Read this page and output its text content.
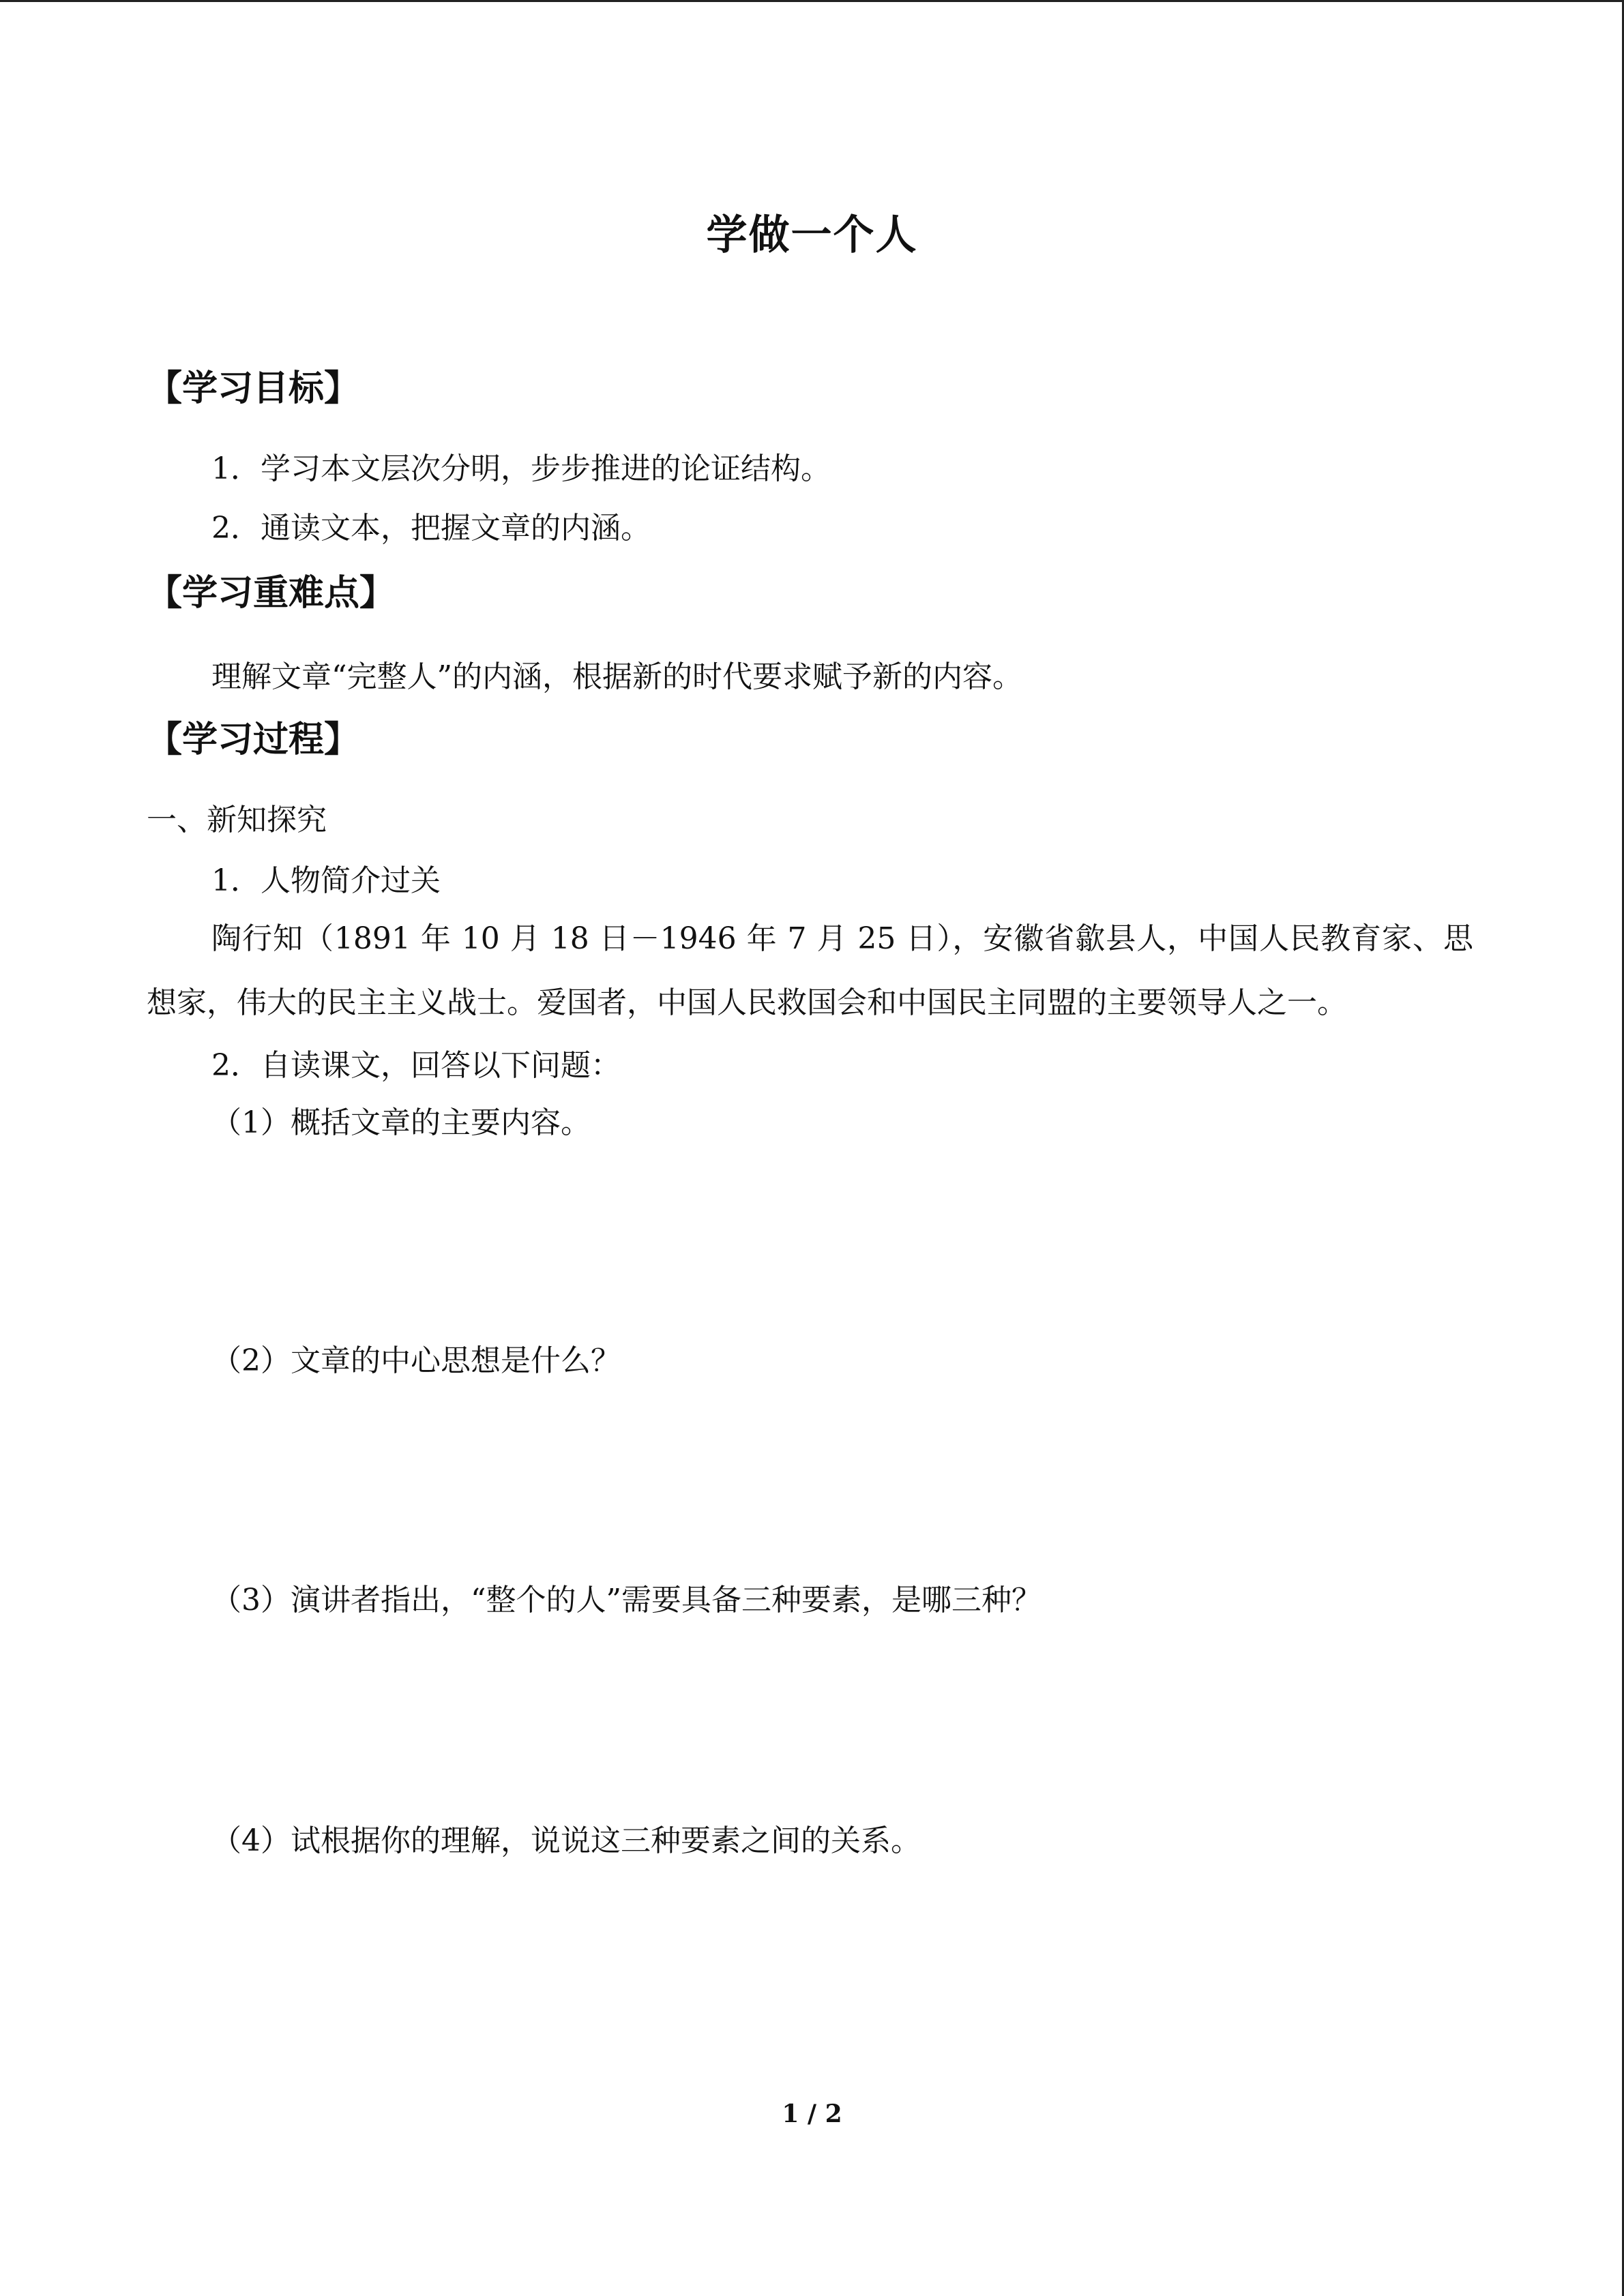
学做一个人
【学习目标】
1．学习本文层次分明，步步推进的论证结构。
2．通读文本，把握文章的内涵。
【学习重难点】
理解文章“完整人”的内涵，根据新的时代要求赋予新的内容。
【学习过程】
一、新知探究
1．人物简介过关
陶行知（1891 年 10 月 18 日－1946 年 7 月 25 日），安徽省歙县人，中国人民教育家、思想家，伟大的民主主义战士。爱国者，中国人民救国会和中国民主同盟的主要领导人之一。
2．自读课文，回答以下问题：
（1）概括文章的主要内容。
（2）文章的中心思想是什么？
（3）演讲者指出，“整个的人”需要具备三种要素，是哪三种？
（4）试根据你的理解，说说这三种要素之间的关系。
1 / 2
